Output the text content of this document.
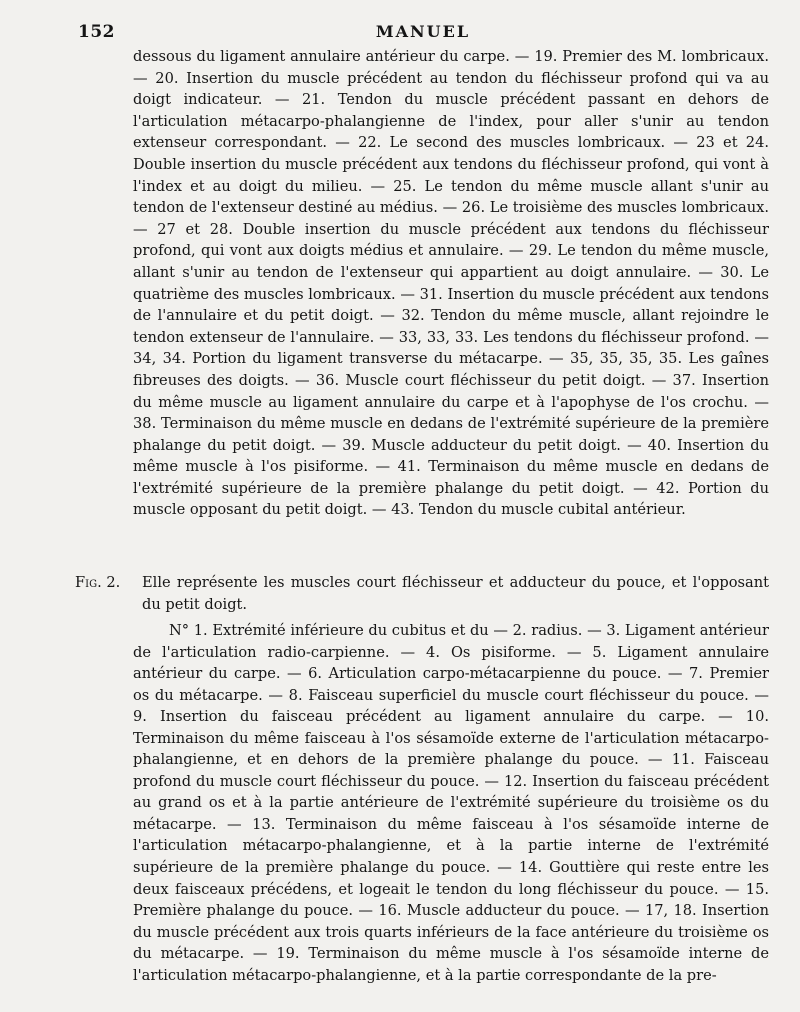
152	MANUEL

dessous du ligament annulaire antérieur du carpe. — 19. Premier des M. lombricaux. — 20. Insertion du muscle précédent au tendon du fléchisseur profond qui va au doigt indicateur. — 21. Tendon du muscle précédent passant en dehors de l'articulation métacarpo-phalangienne de l'index, pour aller s'unir au tendon extenseur correspondant. — 22. Le second des muscles lombricaux. — 23 et 24. Double insertion du muscle précédent aux tendons du fléchisseur profond, qui vont à l'index et au doigt du milieu. — 25. Le tendon du même muscle allant s'unir au tendon de l'extenseur destiné au médius. — 26. Le troisième des muscles lombricaux. — 27 et 28. Double insertion du muscle précédent aux tendons du fléchisseur profond, qui vont aux doigts médius et annulaire. — 29. Le tendon du même muscle, allant s'unir au tendon de l'extenseur qui appartient au doigt annulaire. — 30. Le quatrième des muscles lombricaux. — 31. Insertion du muscle précédent aux tendons de l'annulaire et du petit doigt. — 32. Tendon du même muscle, allant rejoindre le tendon extenseur de l'annulaire. — 33, 33, 33. Les tendons du fléchisseur profond. — 34, 34. Portion du ligament transverse du métacarpe. — 35, 35, 35, 35. Les gaînes fibreuses des doigts. — 36. Muscle court fléchisseur du petit doigt. — 37. Insertion du même muscle au ligament annulaire du carpe et à l'apophyse de l'os crochu. — 38. Terminaison du même muscle en dedans de l'extrémité supérieure de la première phalange du petit doigt. — 39. Muscle adducteur du petit doigt. — 40. Insertion du même muscle à l'os pisiforme. — 41. Terminaison du même muscle en dedans de l'extrémité supérieure de la première phalange du petit doigt. — 42. Portion du muscle opposant du petit doigt. — 43. Tendon du muscle cubital antérieur.

Fig. 2. Elle représente les muscles court fléchisseur et adducteur du pouce, et l'opposant du petit doigt.

N° 1. Extrémité inférieure du cubitus et du — 2. radius. — 3. Ligament antérieur de l'articulation radio-carpienne. — 4. Os pisiforme. — 5. Ligament annulaire antérieur du carpe. — 6. Articulation carpo-métacarpienne du pouce. — 7. Premier os du métacarpe. — 8. Faisceau superficiel du muscle court fléchisseur du pouce. — 9. Insertion du faisceau précédent au ligament annulaire du carpe. — 10. Terminaison du même faisceau à l'os sésamoïde externe de l'articulation métacarpo-phalangienne, et en dehors de la première phalange du pouce. — 11. Faisceau profond du muscle court fléchisseur du pouce. — 12. Insertion du faisceau précédent au grand os et à la partie antérieure de l'extrémité supérieure du troisième os du métacarpe. — 13. Terminaison du même faisceau à l'os sésamoïde interne de l'articulation métacarpo-phalangienne, et à la partie interne de l'extrémité supérieure de la première phalange du pouce. — 14. Gouttière qui reste entre les deux faisceaux précédens, et logeait le tendon du long fléchisseur du pouce. — 15. Première phalange du pouce. — 16. Muscle adducteur du pouce. — 17, 18. Insertion du muscle précédent aux trois quarts inférieurs de la face antérieure du troisième os du métacarpe. — 19. Terminaison du même muscle à l'os sésamoïde interne de l'articulation métacarpo-phalangienne, et à la partie correspondante de la pre-
